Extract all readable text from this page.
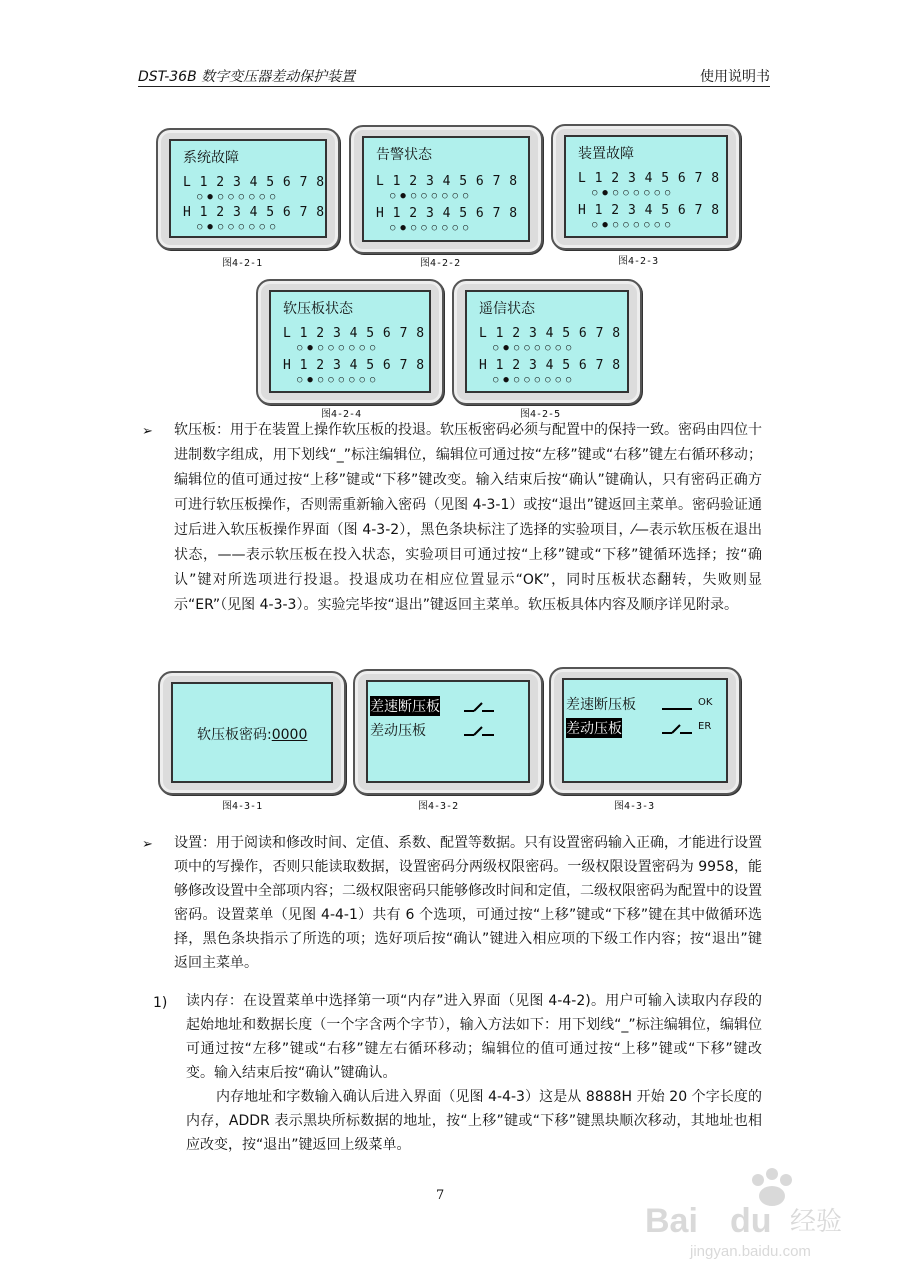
DST-36B 数字变压器差动保护装置	使用说明书
系统故障
L 1 2 3 4 5 6 7 8
○●○○○○○○
H 1 2 3 4 5 6 7 8
○●○○○○○○
图4-2-1
告警状态
L 1 2 3 4 5 6 7 8
○●○○○○○○
H 1 2 3 4 5 6 7 8
○●○○○○○○
图4-2-2
装置故障
L 1 2 3 4 5 6 7 8
○●○○○○○○
H 1 2 3 4 5 6 7 8
○●○○○○○○
图4-2-3
软压板状态
L 1 2 3 4 5 6 7 8
○●○○○○○○
H 1 2 3 4 5 6 7 8
○●○○○○○○
图4-2-4
遥信状态
L 1 2 3 4 5 6 7 8
○●○○○○○○
H 1 2 3 4 5 6 7 8
○●○○○○○○
图4-2-5
➢ 软压板：用于在装置上操作软压板的投退。软压板密码必须与配置中的保持一致。密码由四位十进制数字组成，用下划线“_”标注编辑位，编辑位可通过按“左移”键或“右移”键左右循环移动；编辑位的值可通过按“上移”键或“下移”键改变。输入结束后按“确认”键确认，只有密码正确方可进行软压板操作，否则需重新输入密码（见图 4-3-1）或按“退出”键返回主菜单。密码验证通过后进入软压板操作界面（图 4-3-2），黑色条块标注了选择的实验项目，⁄—表示软压板在退出状态，——表示软压板在投入状态，实验项目可通过按“上移”键或“下移”键循环选择；按“确认”键对所选项进行投退。投退成功在相应位置显示“OK”，同时压板状态翻转，失败则显示“ER”（见图 4-3-3）。实验完毕按“退出”键返回主菜单。软压板具体内容及顺序详见附录。
软压板密码:0000
图4-3-1
差速断压板
差动压板
图4-3-2
差速断压板
差动压板
OK
ER
图4-3-3
➢ 设置：用于阅读和修改时间、定值、系数、配置等数据。只有设置密码输入正确，才能进行设置项中的写操作，否则只能读取数据，设置密码分两级权限密码。一级权限设置密码为 9958，能够修改设置中全部项内容；二级权限密码只能够修改时间和定值，二级权限密码为配置中的设置密码。设置菜单（见图 4-4-1）共有 6 个选项，可通过按“上移”键或“下移”键在其中做循环选择，黑色条块指示了所选的项；选好项后按“确认”键进入相应项的下级工作内容；按“退出”键返回主菜单。
1) 读内存：在设置菜单中选择第一项“内存”进入界面（见图 4-4-2)。用户可输入读取内存段的起始地址和数据长度（一个字含两个字节），输入方法如下：用下划线“_”标注编辑位，编辑位可通过按“左移”键或“右移”键左右循环移动；编辑位的值可通过按“上移”键或“下移”键改变。输入结束后按“确认”键确认。
内存地址和字数输入确认后进入界面（见图 4-4-3）这是从 8888H 开始 20 个字长度的内存，ADDR 表示黑块所标数据的地址，按“上移”键或“下移”键黑块顺次移动，其地址也相应改变，按“退出”键返回上级菜单。
7
Bai du 经验
jingyan.baidu.com
